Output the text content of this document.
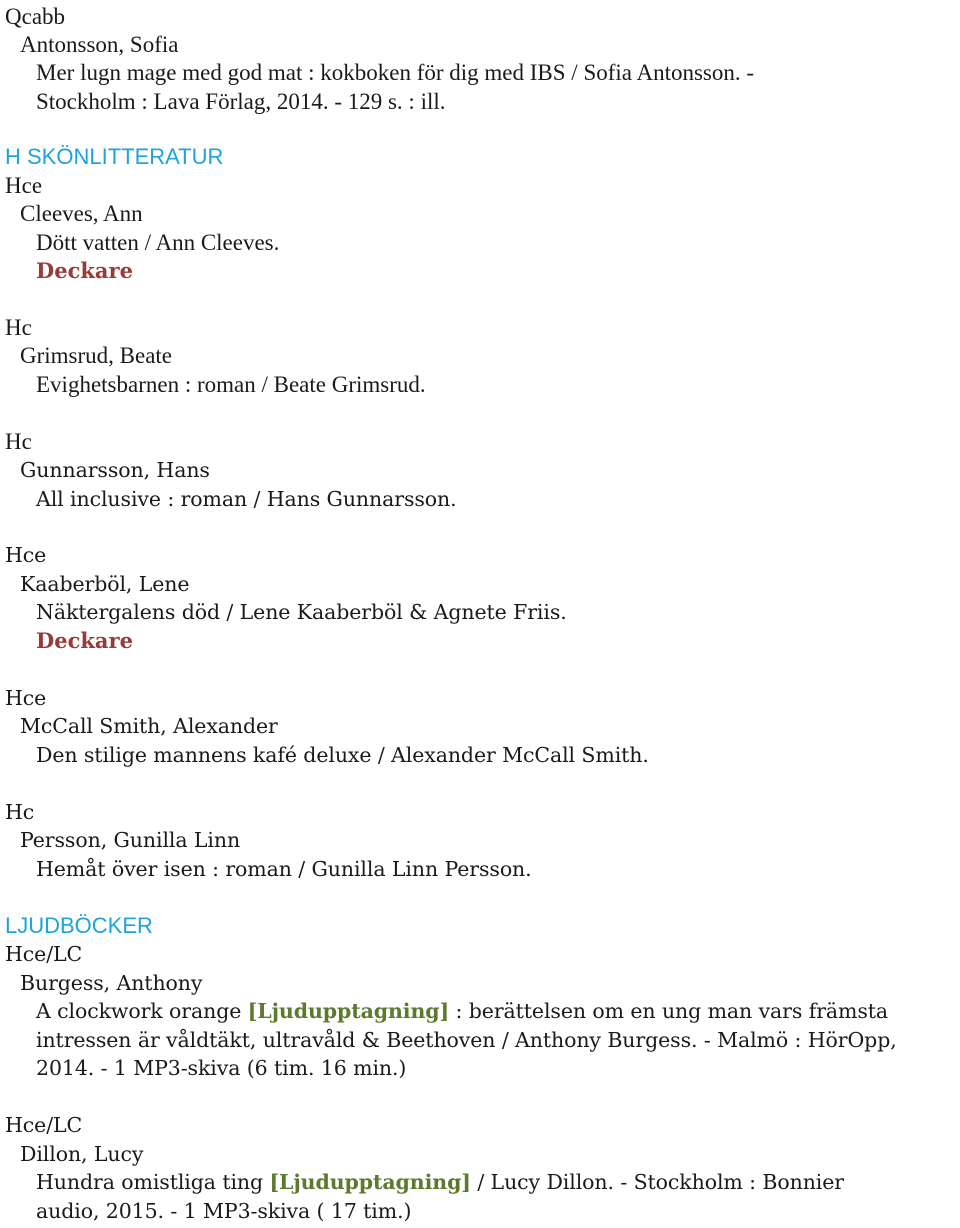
Qcabb
Antonsson, Sofia
Mer lugn mage med god mat : kokboken för dig med IBS / Sofia Antonsson. -
Stockholm : Lava Förlag, 2014. - 129 s. : ill.
H SKÖNLITTERATUR
Hce
Cleeves, Ann
Dött vatten / Ann Cleeves.
Deckare
Hc
Grimsrud, Beate
Evighetsbarnen : roman / Beate Grimsrud.
Hc
Gunnarsson, Hans
All inclusive : roman / Hans Gunnarsson.
Hce
Kaaberböl, Lene
Näktergalens död / Lene Kaaberböl & Agnete Friis.
Deckare
Hce
McCall Smith, Alexander
Den stilige mannens kafé deluxe / Alexander McCall Smith.
Hc
Persson, Gunilla Linn
Hemåt över isen : roman / Gunilla Linn Persson.
LJUDBÖCKER
Hce/LC
Burgess, Anthony
A clockwork orange [Ljudupptagning] : berättelsen om en ung man vars främsta
intressen är våldtäkt, ultravåld & Beethoven / Anthony Burgess. - Malmö : HörOpp,
2014. - 1 MP3-skiva (6 tim. 16 min.)
Hce/LC
Dillon, Lucy
Hundra omistliga ting [Ljudupptagning] / Lucy Dillon. - Stockholm : Bonnier
audio, 2015. - 1 MP3-skiva ( 17 tim.)
